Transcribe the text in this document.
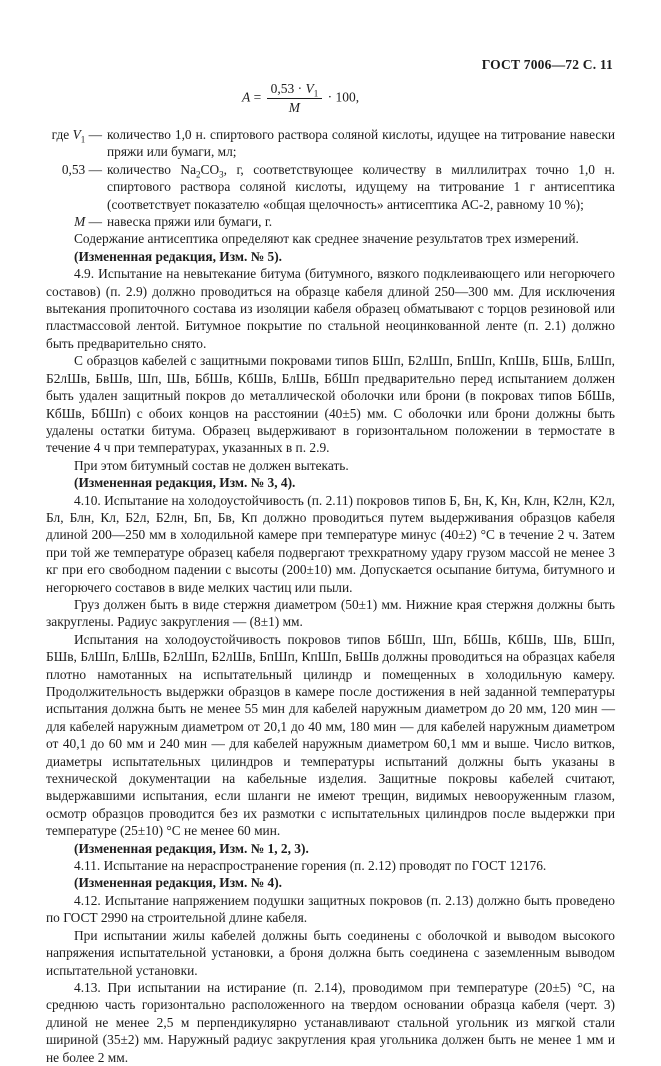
ГОСТ 7006—72 С. 11
$A = \frac{0,53 \cdot V_1}{M} \cdot 100$,
где $V_1$ — количество 1,0 н. спиртового раствора соляной кислоты, идущее на титрование навески пряжи или бумаги, мл;
0,53 — количество $Na_2CO_3$, г, соответствующее количеству в миллилитрах точно 1,0 н. спиртового раствора соляной кислоты, идущему на титрование 1 г антисептика (соответствует показателю «общая щелочность» антисептика АС-2, равному 10 %);
М — навеска пряжи или бумаги, г.

Содержание антисептика определяют как среднее значение результатов трех измерений.

(Измененная редакция, Изм. № 5).

4.9. Испытание на невытекание битума (битумного, вязкого подклеивающего или негорючего составов) (п. 2.9) должно проводиться на образце кабеля длиной 250—300 мм. Для исключения вытекания пропиточного состава из изоляции кабеля образец обматывают с торцов резиновой или пластмассовой лентой. Битумное покрытие по стальной неоцинкованной ленте (п. 2.1) должно быть предварительно снято.

С образцов кабелей с защитными покровами типов БШп, Б2лШп, БпШп, КпШв, БШв, БлШп, Б2лШв, БвШв, Шп, Шв, БбШв, КбШв, БлШв, БбШп предварительно перед испытанием должен быть удален защитный покров до металлической оболочки или брони (в покровах типов БбШв, КбШв, БбШп) с обоих концов на расстоянии (40±5) мм. С оболочки или брони должны быть удалены остатки битума. Образец выдерживают в горизонтальном положении в термостате в течение 4 ч при температурах, указанных в п. 2.9.

При этом битумный состав не должен вытекать.

(Измененная редакция, Изм. № 3, 4).

4.10. Испытание на холодоустойчивость (п. 2.11) покровов типов Б, Бн, К, Кн, Клн, К2лн, К2л, Бл, Блн, Кл, Б2л, Б2лн, Бп, Бв, Кп должно проводиться путем выдерживания образцов кабеля длиной 200—250 мм в холодильной камере при температуре минус (40±2) °С в течение 2 ч. Затем при той же температуре образец кабеля подвергают трехкратному удару грузом массой не менее 3 кг при его свободном падении с высоты (200±10) мм. Допускается осыпание битума, битумного и негорючего составов в виде мелких частиц или пыли.

Груз должен быть в виде стержня диаметром (50±1) мм. Нижние края стержня должны быть закруглены. Радиус закругления — (8±1) мм.

Испытания на холодоустойчивость покровов типов БбШп, Шп, БбШв, КбШв, Шв, БШп, БШв, БлШп, БлШв, Б2лШп, Б2лШв, БпШп, КпШп, БвШв должны проводиться на образцах кабеля плотно намотанных на испытательный цилиндр и помещенных в холодильную камеру. Продолжительность выдержки образцов в камере после достижения в ней заданной температуры испытания должна быть не менее 55 мин для кабелей наружным диаметром до 20 мм, 120 мин — для кабелей наружным диаметром от 20,1 до 40 мм, 180 мин — для кабелей наружным диаметром от 40,1 до 60 мм и 240 мин — для кабелей наружным диаметром 60,1 мм и выше. Число витков, диаметры испытательных цилиндров и температуры испытаний должны быть указаны в технической документации на кабельные изделия. Защитные покровы кабелей считают, выдержавшими испытания, если шланги не имеют трещин, видимых невооруженным глазом, осмотр образцов проводится без их размотки с испытательных цилиндров после выдержки при температуре (25±10) °С не менее 60 мин.

(Измененная редакция, Изм. № 1, 2, 3).

4.11. Испытание на нераспространение горения (п. 2.12) проводят по ГОСТ 12176.

(Измененная редакция, Изм. № 4).

4.12. Испытание напряжением подушки защитных покровов (п. 2.13) должно быть проведено по ГОСТ 2990 на строительной длине кабеля.

При испытании жилы кабелей должны быть соединены с оболочкой и выводом высокого напряжения испытательной установки, а броня должна быть соединена с заземленным выводом испытательной установки.

4.13. При испытании на истирание (п. 2.14), проводимом при температуре (20±5) °С, на среднюю часть горизонтально расположенного на твердом основании образца кабеля (черт. 3) длиной не менее 2,5 м перпендикулярно устанавливают стальной угольник из мягкой стали шириной (35±2) мм. Наружный радиус закругления края угольника должен быть не менее 1 мм и не более 2 мм.
